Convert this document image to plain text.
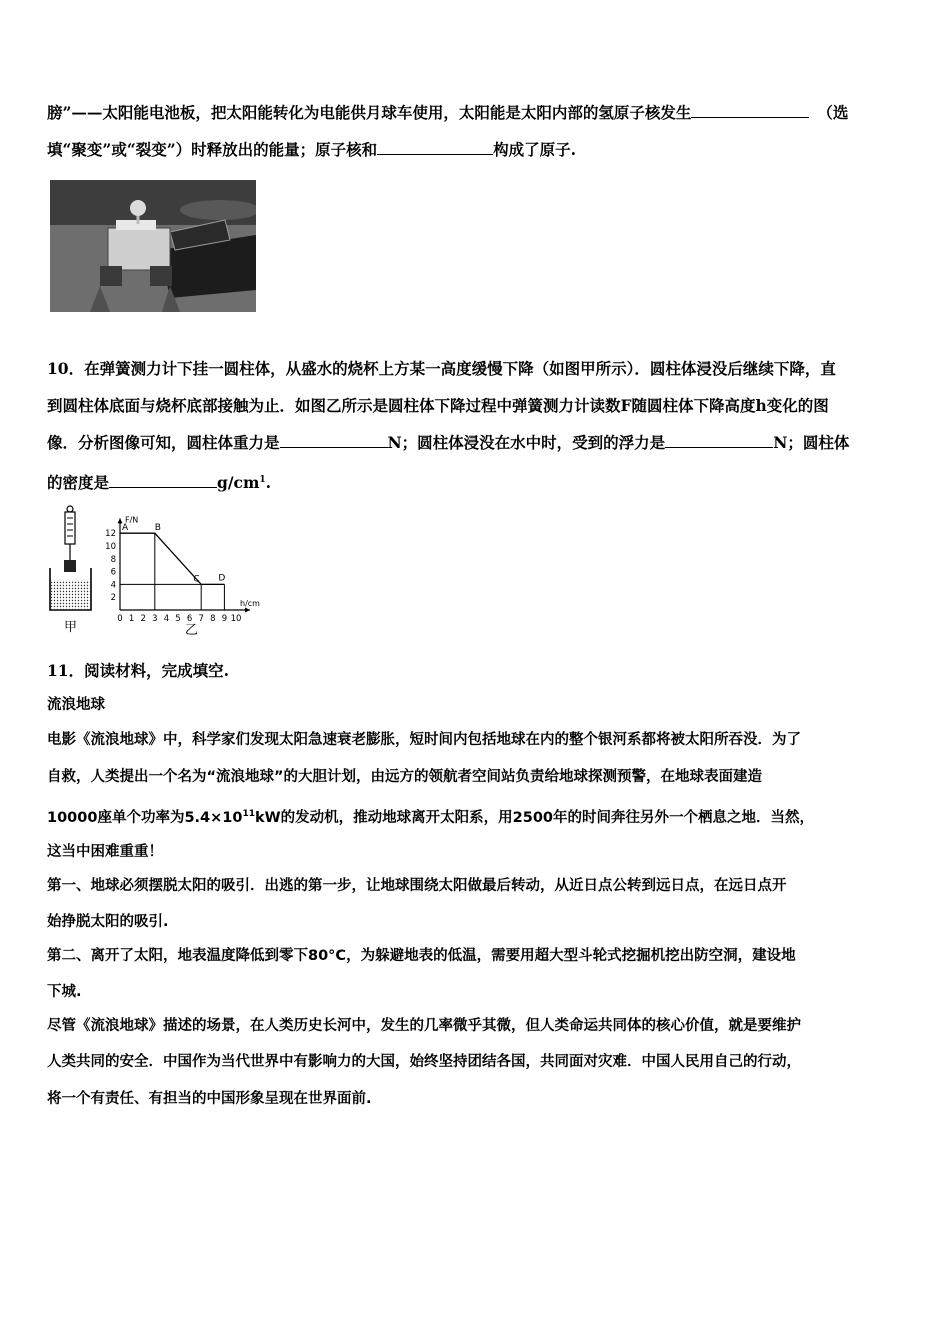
膀”——太阳能电池板，把太阳能转化为电能供月球车使用，太阳能是太阳内部的氢原子核发生	（选
填“聚变”或“裂变”）时释放出的能量；原子核和	构成了原子.
10．在弹簧测力计下挂一圆柱体，从盛水的烧杯上方某一高度缓慢下降（如图甲所示）．圆柱体浸没后继续下降，直
到圆柱体底面与烧杯底部接触为止．如图乙所示是圆柱体下降过程中弹簧测力计读数F随圆柱体下降高度h变化的图
像．分析图像可知，圆柱体重力是	N；圆柱体浸没在水中时，受到的浮力是	N；圆柱体
的密度是	$g/cm^1$.
甲
F/N
h/cm
0 1 2 3 4 5 6 7 8 9 10
2
4
6
8
10
12
A	B
C D
乙
11．阅读材料，完成填空.
流浪地球
电影《流浪地球》中，科学家们发现太阳急速衰老膨胀，短时间内包括地球在内的整个银河系都将被太阳所吞没．为了
自救，人类提出一个名为“流浪地球”的大胆计划，由远方的领航者空间站负责给地球探测预警，在地球表面建造
10000座单个功率为$5.4\times 10^{11}kW$的发动机，推动地球离开太阳系，用2500年的时间奔往另外一个栖息之地．当然，
这当中困难重重！
第一、地球必须摆脱太阳的吸引．出逃的第一步，让地球围绕太阳做最后转动，从近日点公转到远日点，在远日点开
始挣脱太阳的吸引.
第二、离开了太阳，地表温度降低到零下80°C，为躲避地表的低温，需要用超大型斗轮式挖掘机挖出防空洞，建设地
下城.
尽管《流浪地球》描述的场景，在人类历史长河中，发生的几率微乎其微，但人类命运共同体的核心价值，就是要维护
人类共同的安全．中国作为当代世界中有影响力的大国，始终坚持团结各国，共同面对灾难．中国人民用自己的行动，
将一个有责任、有担当的中国形象呈现在世界面前.
